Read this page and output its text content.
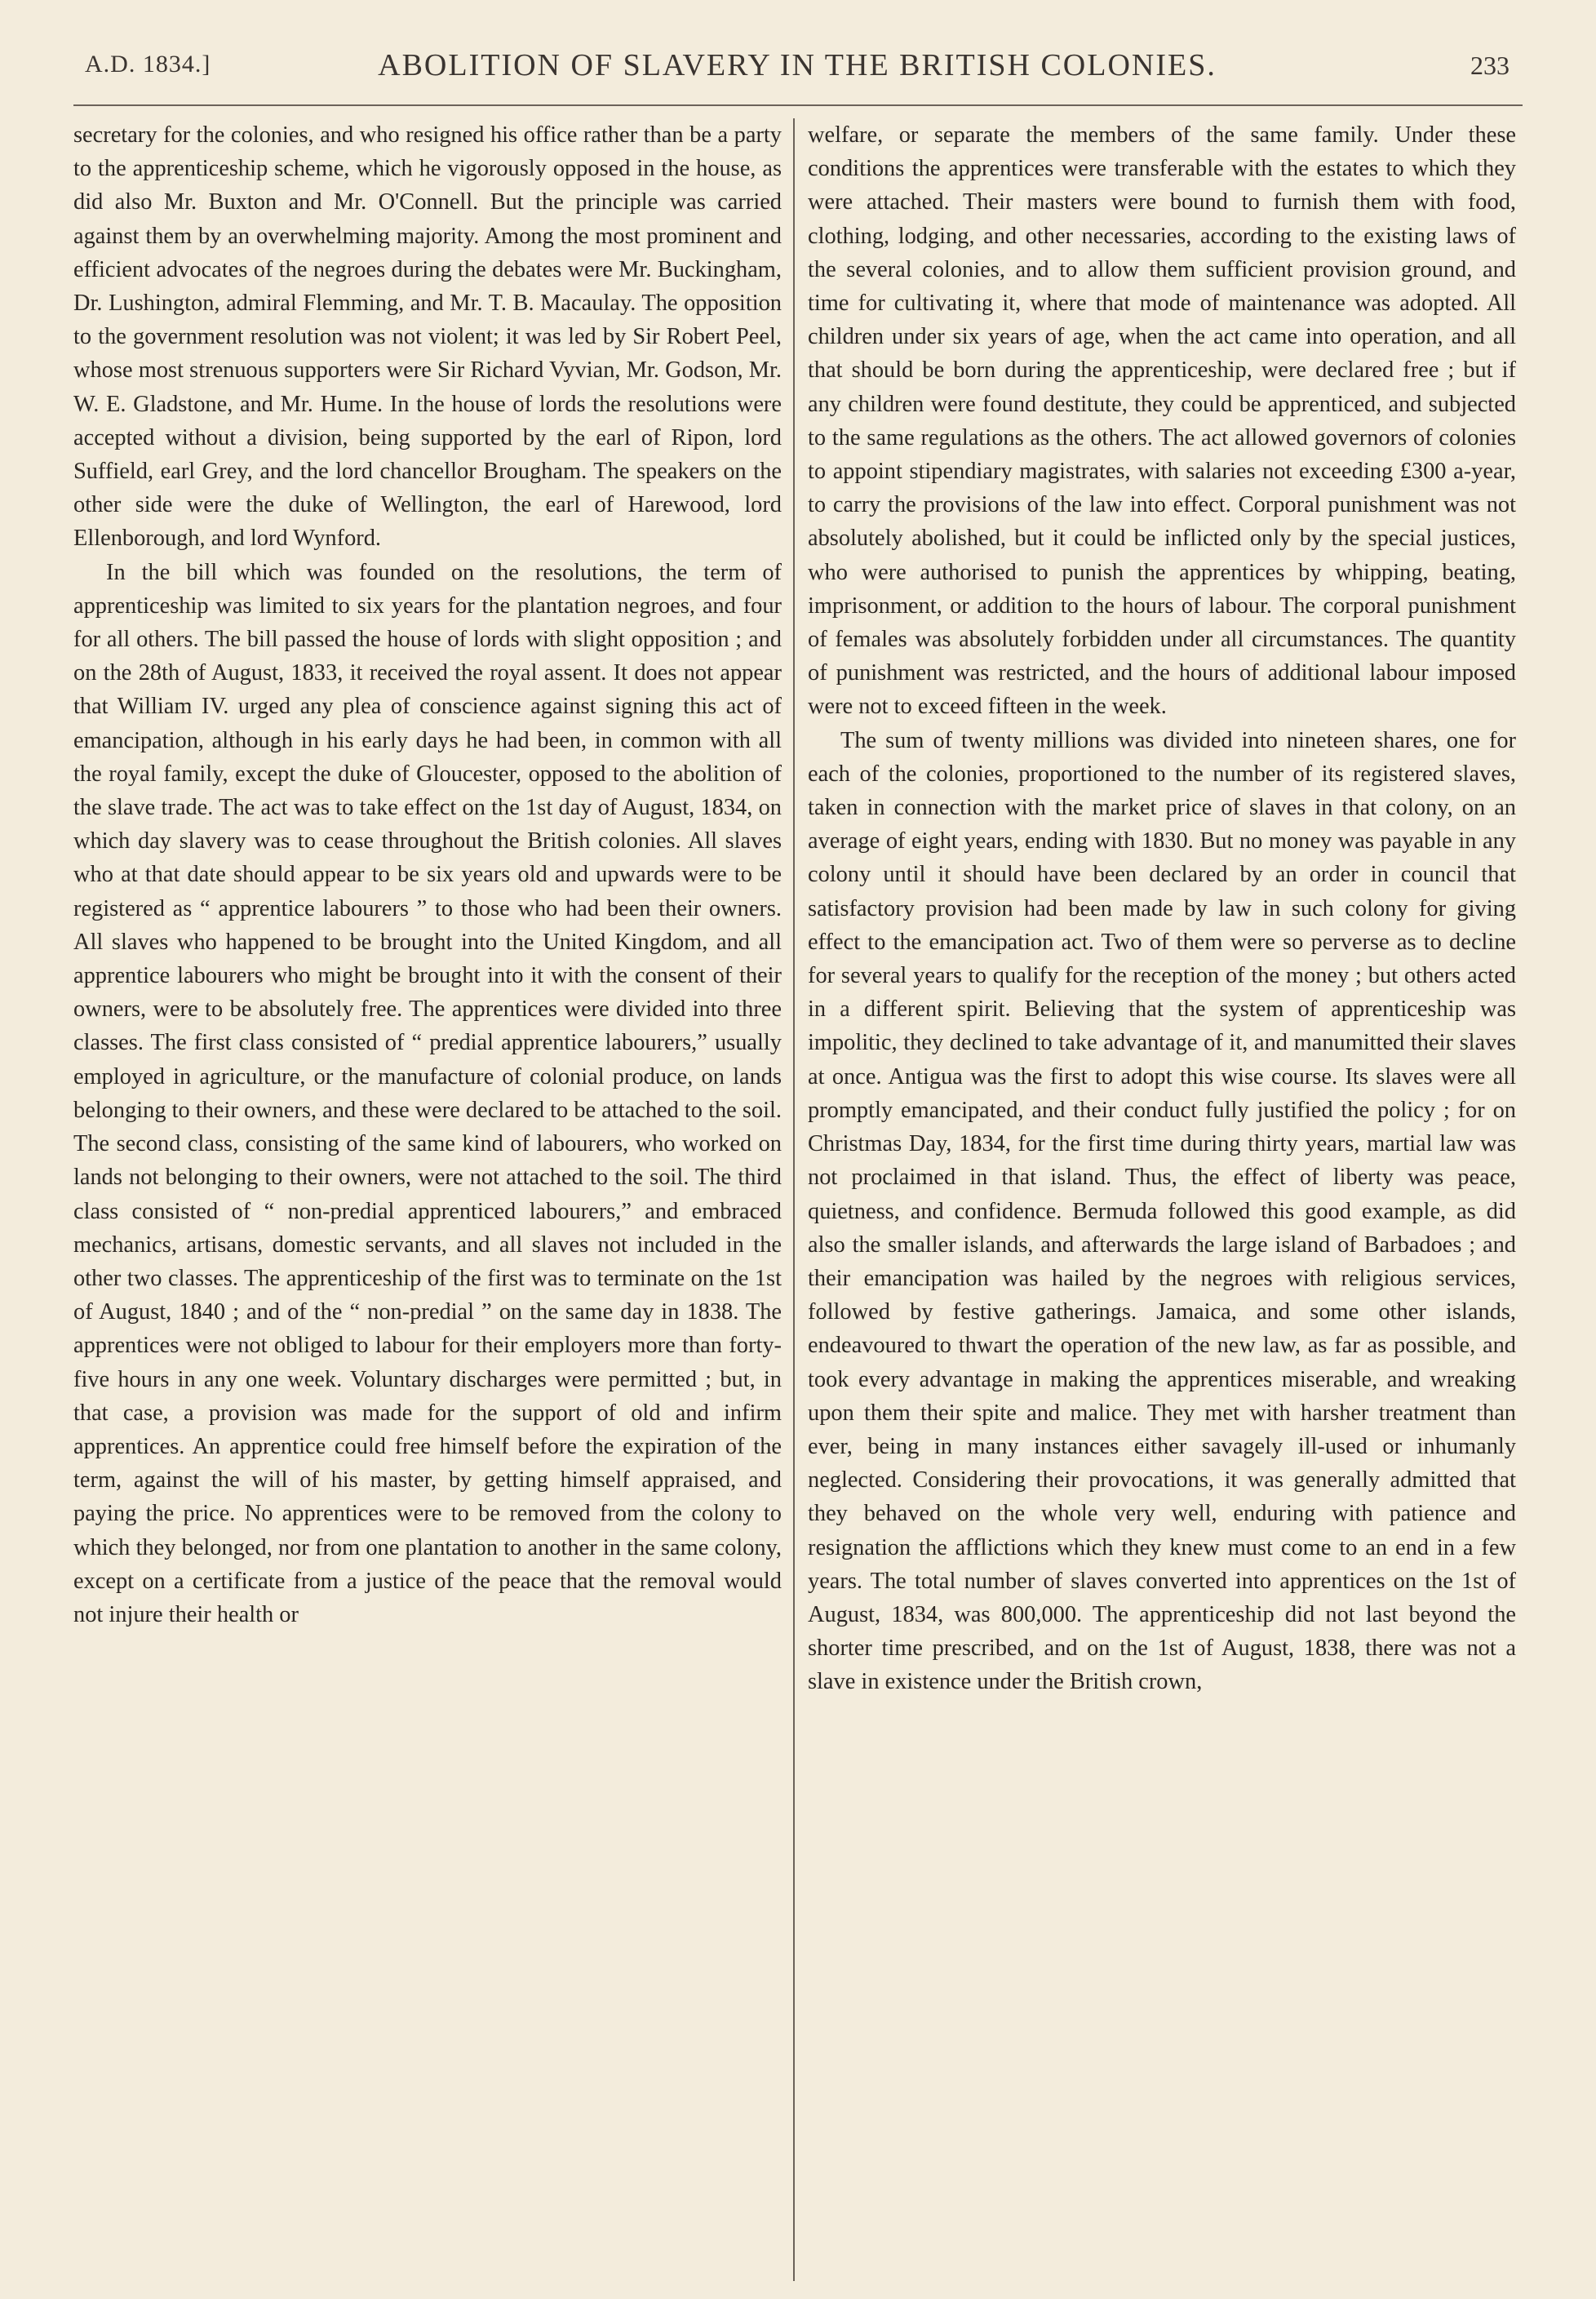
A.D. 1834.]	ABOLITION OF SLAVERY IN THE BRITISH COLONIES.	233

secretary for the colonies, and who resigned his office rather than be a party to the apprenticeship scheme, which he vigorously opposed in the house, as did also Mr. Buxton and Mr. O'Connell. But the principle was carried against them by an overwhelming majority. Among the most prominent and efficient advocates of the negroes during the debates were Mr. Buckingham, Dr. Lushington, admiral Flemming, and Mr. T. B. Macaulay. The opposition to the government resolution was not violent; it was led by Sir Robert Peel, whose most strenuous supporters were Sir Richard Vyvian, Mr. Godson, Mr. W. E. Gladstone, and Mr. Hume. In the house of lords the resolutions were accepted without a division, being supported by the earl of Ripon, lord Suffield, earl Grey, and the lord chancellor Brougham. The speakers on the other side were the duke of Wellington, the earl of Harewood, lord Ellenborough, and lord Wynford.

In the bill which was founded on the resolutions, the term of apprenticeship was limited to six years for the plantation negroes, and four for all others. The bill passed the house of lords with slight opposition ; and on the 28th of August, 1833, it received the royal assent. It does not appear that William IV. urged any plea of conscience against signing this act of emancipation, although in his early days he had been, in common with all the royal family, except the duke of Gloucester, opposed to the abolition of the slave trade. The act was to take effect on the 1st day of August, 1834, on which day slavery was to cease throughout the British colonies. All slaves who at that date should appear to be six years old and upwards were to be registered as “ apprentice labourers ” to those who had been their owners. All slaves who happened to be brought into the United Kingdom, and all apprentice labourers who might be brought into it with the consent of their owners, were to be absolutely free. The apprentices were divided into three classes. The first class consisted of “ predial apprentice labourers,” usually employed in agriculture, or the manufacture of colonial produce, on lands belonging to their owners, and these were declared to be attached to the soil. The second class, consisting of the same kind of labourers, who worked on lands not belonging to their owners, were not attached to the soil. The third class consisted of “ non-predial apprenticed labourers,” and embraced mechanics, artisans, domestic servants, and all slaves not included in the other two classes. The apprenticeship of the first was to terminate on the 1st of August, 1840 ; and of the “ non-predial ” on the same day in 1838. The apprentices were not obliged to labour for their employers more than forty-five hours in any one week. Voluntary discharges were permitted ; but, in that case, a provision was made for the support of old and infirm apprentices. An apprentice could free himself before the expiration of the term, against the will of his master, by getting himself appraised, and paying the price. No apprentices were to be removed from the colony to which they belonged, nor from one plantation to another in the same colony, except on a certificate from a justice of the peace that the removal would not injure their health or

welfare, or separate the members of the same family. Under these conditions the apprentices were transferable with the estates to which they were attached. Their masters were bound to furnish them with food, clothing, lodging, and other necessaries, according to the existing laws of the several colonies, and to allow them sufficient provision ground, and time for cultivating it, where that mode of maintenance was adopted. All children under six years of age, when the act came into operation, and all that should be born during the apprenticeship, were declared free ; but if any children were found destitute, they could be apprenticed, and subjected to the same regulations as the others. The act allowed governors of colonies to appoint stipendiary magistrates, with salaries not exceeding £300 a-year, to carry the provisions of the law into effect. Corporal punishment was not absolutely abolished, but it could be inflicted only by the special justices, who were authorised to punish the apprentices by whipping, beating, imprisonment, or addition to the hours of labour. The corporal punishment of females was absolutely forbidden under all circumstances. The quantity of punishment was restricted, and the hours of additional labour imposed were not to exceed fifteen in the week.

The sum of twenty millions was divided into nineteen shares, one for each of the colonies, proportioned to the number of its registered slaves, taken in connection with the market price of slaves in that colony, on an average of eight years, ending with 1830. But no money was payable in any colony until it should have been declared by an order in council that satisfactory provision had been made by law in such colony for giving effect to the emancipation act. Two of them were so perverse as to decline for several years to qualify for the reception of the money ; but others acted in a different spirit. Believing that the system of apprenticeship was impolitic, they declined to take advantage of it, and manumitted their slaves at once. Antigua was the first to adopt this wise course. Its slaves were all promptly emancipated, and their conduct fully justified the policy ; for on Christmas Day, 1834, for the first time during thirty years, martial law was not proclaimed in that island. Thus, the effect of liberty was peace, quietness, and confidence. Bermuda followed this good example, as did also the smaller islands, and afterwards the large island of Barbadoes ; and their emancipation was hailed by the negroes with religious services, followed by festive gatherings. Jamaica, and some other islands, endeavoured to thwart the operation of the new law, as far as possible, and took every advantage in making the apprentices miserable, and wreaking upon them their spite and malice. They met with harsher treatment than ever, being in many instances either savagely ill-used or inhumanly neglected. Considering their provocations, it was generally admitted that they behaved on the whole very well, enduring with patience and resignation the afflictions which they knew must come to an end in a few years. The total number of slaves converted into apprentices on the 1st of August, 1834, was 800,000. The apprenticeship did not last beyond the shorter time prescribed, and on the 1st of August, 1838, there was not a slave in existence under the British crown,
